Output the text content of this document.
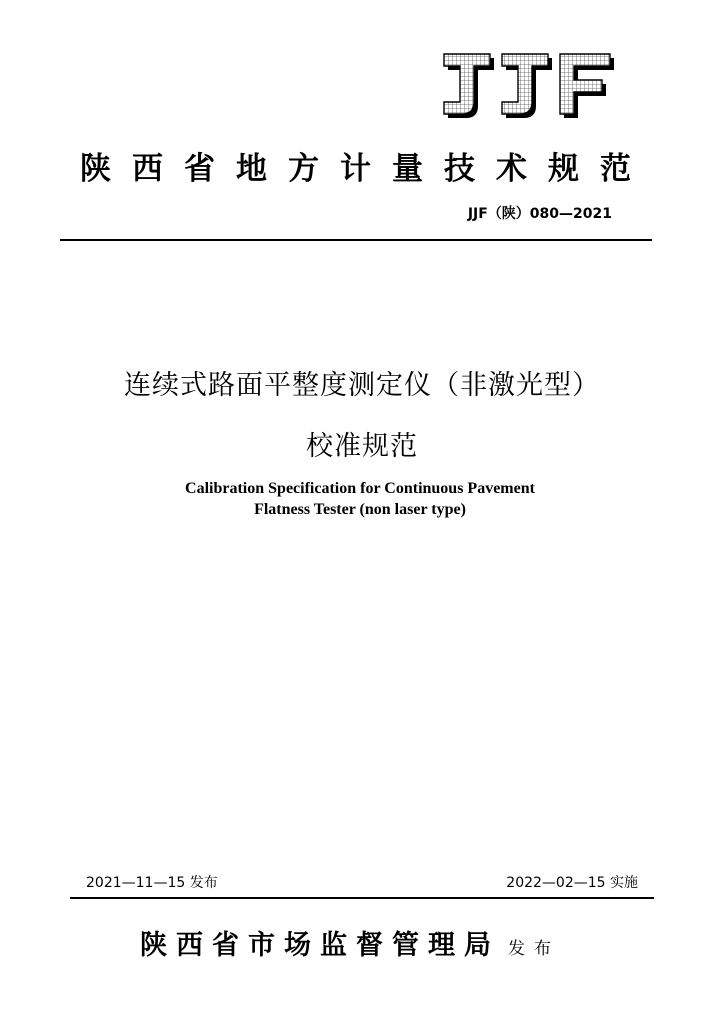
陕西省地方计量技术规范
JJF（陕）080—2021
连续式路面平整度测定仪（非激光型）
校准规范
Calibration Specification for Continuous Pavement
Flatness Tester (non laser type)
2021—11—15 发布	2022—02—15 实施
陕西省市场监督管理局 发布
